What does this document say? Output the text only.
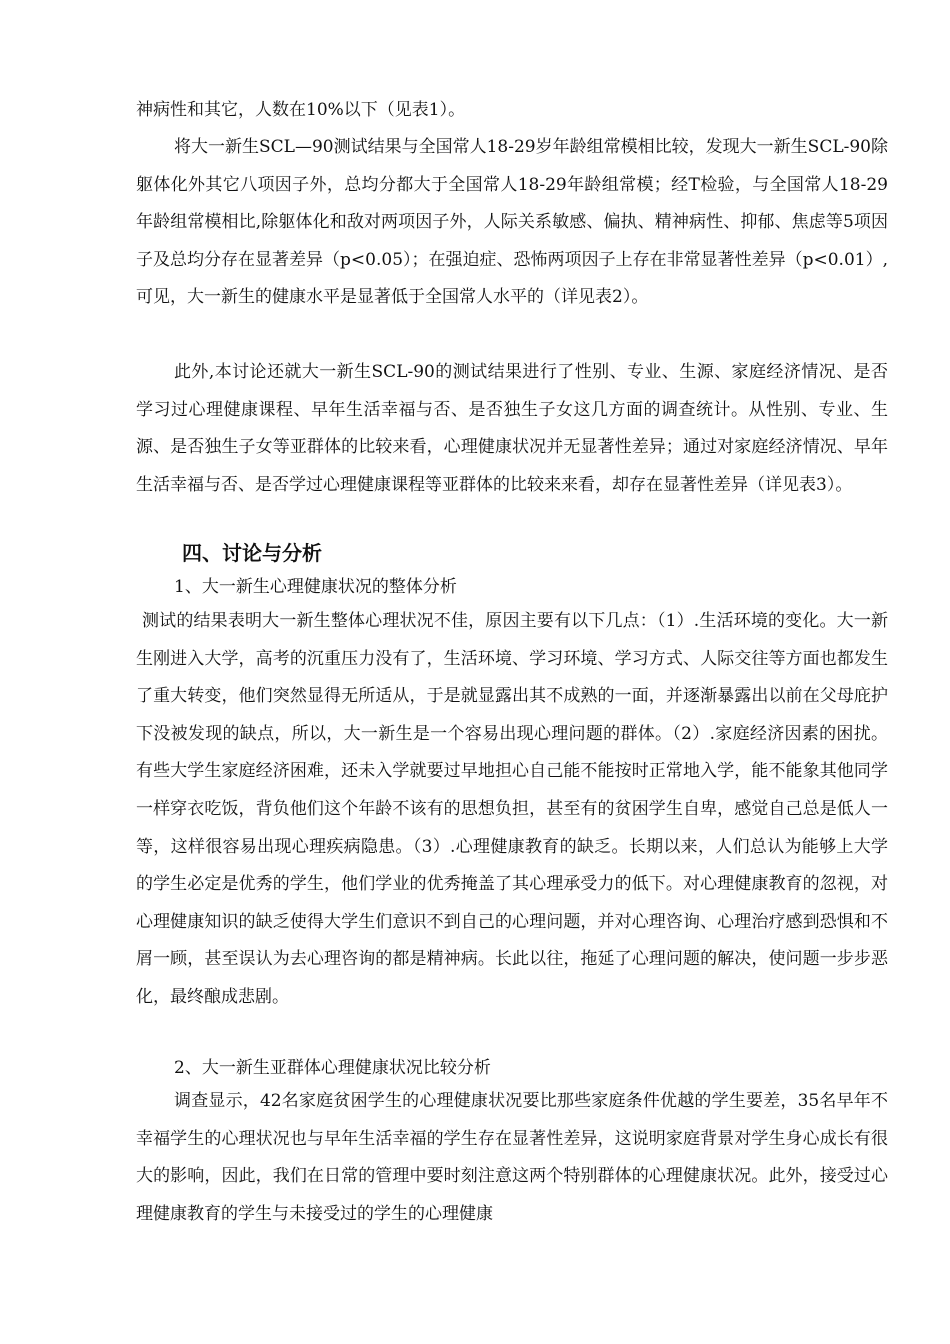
神病性和其它，人数在10%以下（见表1）。

将大一新生SCL—90测试结果与全国常人18-29岁年龄组常模相比较，发现大一新生SCL-90除躯体化外其它八项因子外，总均分都大于全国常人18-29年龄组常模；经T检验，与全国常人18-29年龄组常模相比,除躯体化和敌对两项因子外，人际关系敏感、偏执、精神病性、抑郁、焦虑等5项因子及总均分存在显著差异（p<0.05）；在强迫症、恐怖两项因子上存在非常显著性差异（p<0.01）,可见，大一新生的健康水平是显著低于全国常人水平的（详见表2）。

此外,本讨论还就大一新生SCL-90的测试结果进行了性别、专业、生源、家庭经济情况、是否学习过心理健康课程、早年生活幸福与否、是否独生子女这几方面的调查统计。从性别、专业、生源、是否独生子女等亚群体的比较来看，心理健康状况并无显著性差异；通过对家庭经济情况、早年生活幸福与否、是否学过心理健康课程等亚群体的比较来来看，却存在显著性差异（详见表3）。

四、讨论与分析

1、大一新生心理健康状况的整体分析

测试的结果表明大一新生整体心理状况不佳，原因主要有以下几点：（1）.生活环境的变化。大一新生刚进入大学，高考的沉重压力没有了，生活环境、学习环境、学习方式、人际交往等方面也都发生了重大转变，他们突然显得无所适从，于是就显露出其不成熟的一面，并逐渐暴露出以前在父母庇护下没被发现的缺点，所以，大一新生是一个容易出现心理问题的群体。（2）.家庭经济因素的困扰。有些大学生家庭经济困难，还未入学就要过早地担心自己能不能按时正常地入学，能不能象其他同学一样穿衣吃饭，背负他们这个年龄不该有的思想负担，甚至有的贫困学生自卑，感觉自己总是低人一等，这样很容易出现心理疾病隐患。（3）.心理健康教育的缺乏。长期以来，人们总认为能够上大学的学生必定是优秀的学生，他们学业的优秀掩盖了其心理承受力的低下。对心理健康教育的忽视，对心理健康知识的缺乏使得大学生们意识不到自己的心理问题，并对心理咨询、心理治疗感到恐惧和不屑一顾，甚至误认为去心理咨询的都是精神病。长此以往，拖延了心理问题的解决，使问题一步步恶化，最终酿成悲剧。

2、大一新生亚群体心理健康状况比较分析

调查显示，42名家庭贫困学生的心理健康状况要比那些家庭条件优越的学生要差，35名早年不幸福学生的心理状况也与早年生活幸福的学生存在显著性差异，这说明家庭背景对学生身心成长有很大的影响，因此，我们在日常的管理中要时刻注意这两个特别群体的心理健康状况。此外，接受过心理健康教育的学生与未接受过的学生的心理健康
